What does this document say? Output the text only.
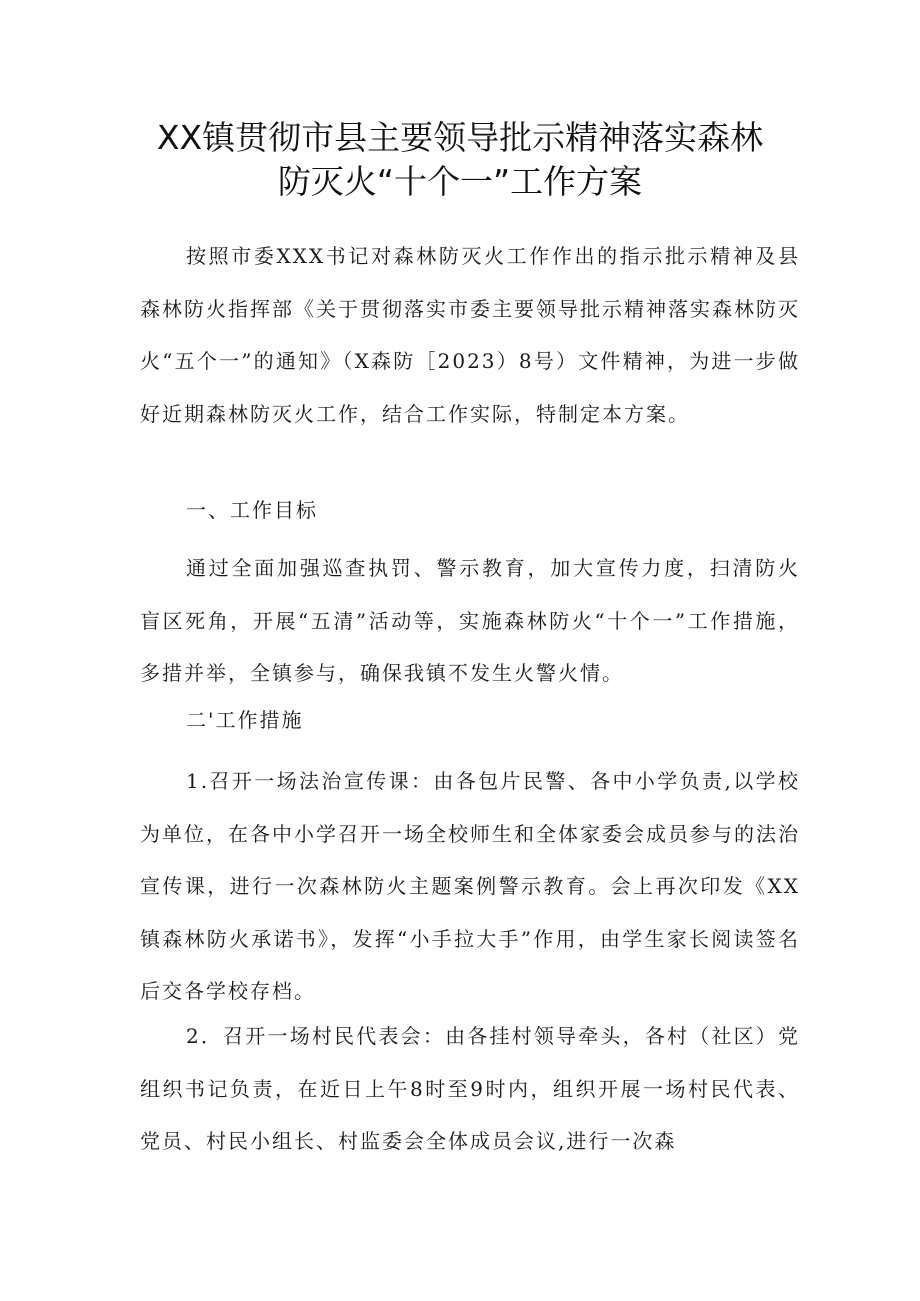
XX镇贯彻市县主要领导批示精神落实森林
防灭火“十个一”工作方案

按照市委XXX书记对森林防灭火工作作出的指示批示精神及县森林防火指挥部《关于贯彻落实市委主要领导批示精神落实森林防灭火“五个一”的通知》（X森防［2023）8号）文件精神，为进一步做好近期森林防灭火工作，结合工作实际，特制定本方案。

一、工作目标

通过全面加强巡查执罚、警示教育，加大宣传力度，扫清防火盲区死角，开展“五清”活动等，实施森林防火“十个一”工作措施，多措并举，全镇参与，确保我镇不发生火警火情。

二'工作措施

1.召开一场法治宣传课：由各包片民警、各中小学负责,以学校为单位，在各中小学召开一场全校师生和全体家委会成员参与的法治宣传课，进行一次森林防火主题案例警示教育。会上再次印发《XX镇森林防火承诺书》，发挥“小手拉大手”作用，由学生家长阅读签名后交各学校存档。

2．召开一场村民代表会：由各挂村领导牵头，各村（社区）党组织书记负责，在近日上午8时至9时内，组织开展一场村民代表、党员、村民小组长、村监委会全体成员会议,进行一次森
